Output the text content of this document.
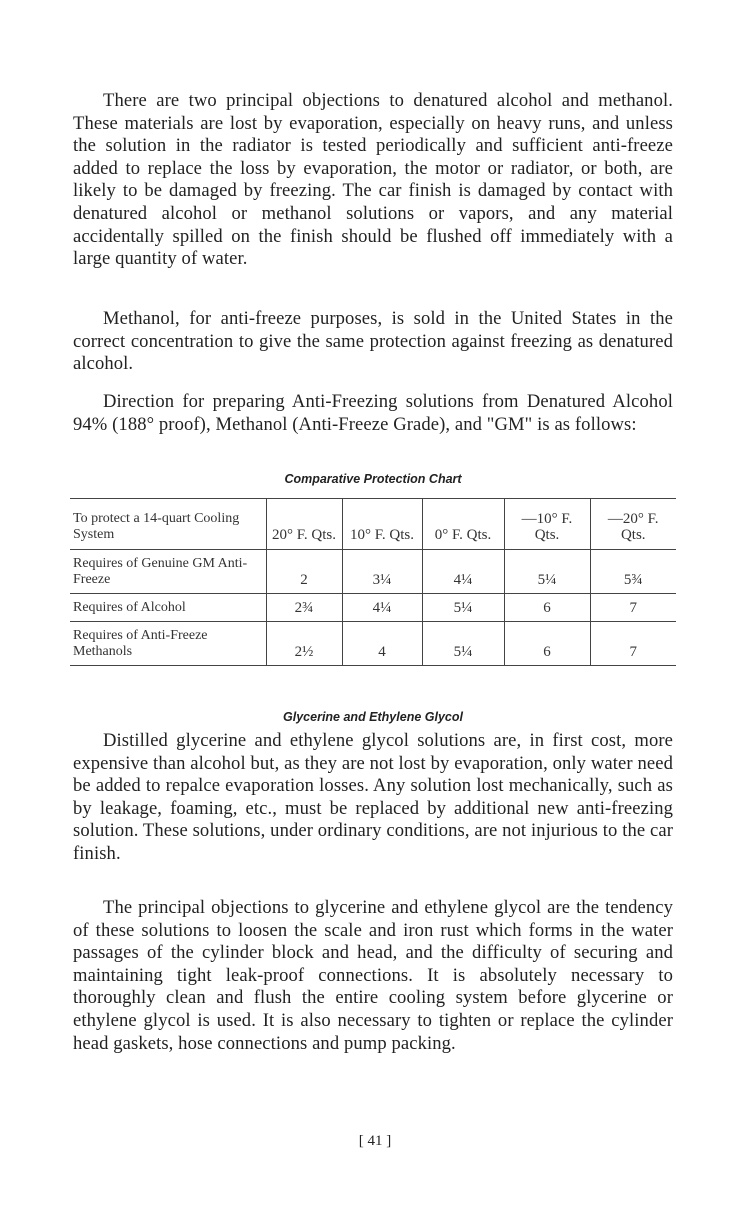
There are two principal objections to denatured alcohol and methanol. These materials are lost by evaporation, especially on heavy runs, and unless the solution in the radiator is tested periodically and sufficient anti-freeze added to replace the loss by evaporation, the motor or radiator, or both, are likely to be damaged by freezing. The car finish is damaged by contact with denatured alcohol or methanol solutions or vapors, and any material accidentally spilled on the finish should be flushed off immediately with a large quantity of water.

Methanol, for anti-freeze purposes, is sold in the United States in the correct concentration to give the same protection against freezing as denatured alcohol.

Direction for preparing Anti-Freezing solutions from Denatured Alcohol 94% (188° proof), Methanol (Anti-Freeze Grade), and "GM" is as follows:

Comparative Protection Chart

To protect a 14-quart Cooling System	20° F. Qts.	10° F. Qts.	0° F. Qts.	—10° F. Qts.	—20° F. Qts.
Requires of Genuine GM Anti-Freeze	2	3¼	4¼	5¼	5¾
Requires of Alcohol	2¾	4¼	5¼	6	7
Requires of Anti-Freeze Methanols	2½	4	5¼	6	7

Glycerine and Ethylene Glycol

Distilled glycerine and ethylene glycol solutions are, in first cost, more expensive than alcohol but, as they are not lost by evaporation, only water need be added to repalce evaporation losses. Any solution lost mechanically, such as by leakage, foaming, etc., must be replaced by additional new anti-freezing solution. These solutions, under ordinary conditions, are not injurious to the car finish.

The principal objections to glycerine and ethylene glycol are the tendency of these solutions to loosen the scale and iron rust which forms in the water passages of the cylinder block and head, and the difficulty of securing and maintaining tight leak-proof connections. It is absolutely necessary to thoroughly clean and flush the entire cooling system before glycerine or ethylene glycol is used. It is also necessary to tighten or replace the cylinder head gaskets, hose connections and pump packing.

[ 41 ]
